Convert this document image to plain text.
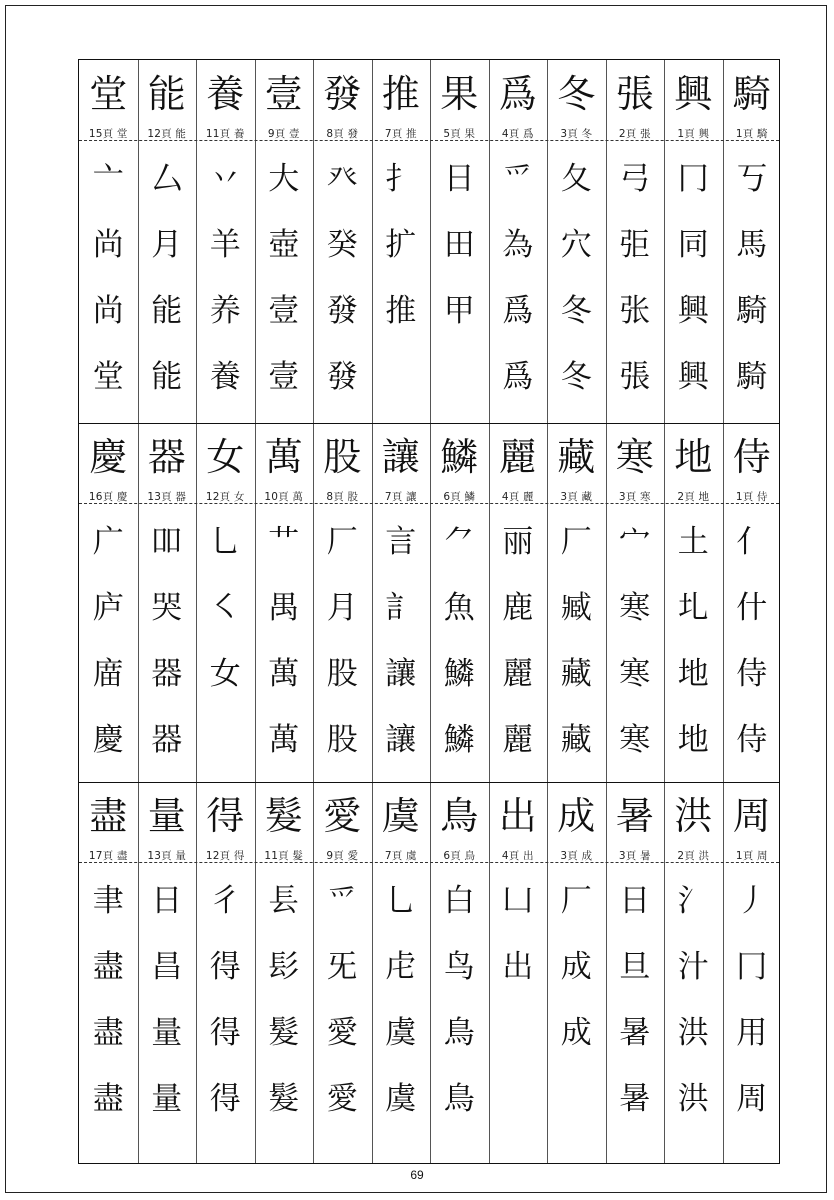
堂
15頁 堂
亠
尚
尚
堂
能
12頁 能
厶
月
能
能
養
11頁 養
丷
羊
养
養
壹
9頁 壹
大
壺
壹
壹
發
8頁 發
癶
癸
發
發
推
7頁 推
扌
扩
推
果
5頁 果
日
田
甲
爲
4頁 爲
爫
為
爲
爲
冬
3頁 冬
夂
穴
冬
冬
張
2頁 張
弓
弡
张
張
興
1頁 興
冂
同
興
興
騎
1頁 騎
丂
馬
騎
騎
慶
16頁 慶
广
庐
庿
慶
器
13頁 器
吅
哭
器
器
女
12頁 女
乚
㇛
女
萬
10頁 萬
艹
禺
萬
萬
股
8頁 股
厂
月
股
股
讓
7頁 讓
言
訁
讓
讓
鱗
6頁 鱗
⺈
魚
鱗
鱗
麗
4頁 麗
丽
鹿
麗
麗
藏
3頁 藏
厂
臧
藏
藏
寒
3頁 寒
宀
寒
寒
寒
地
2頁 地
土
圠
地
地
侍
1頁 侍
亻
什
侍
侍
盡
17頁 盡
聿
盡
盡
盡
量
13頁 量
日
昌
量
量
得
12頁 得
彳
得
得
得
髮
11頁 髮
镸
髟
髮
髮
愛
9頁 愛
爫
旡
愛
愛
虞
7頁 虞
乚
虍
虞
虞
鳥
6頁 鳥
白
鸟
鳥
鳥
出
4頁 出
凵
出
成
3頁 成
厂
成
成
暑
3頁 暑
日
旦
暑
暑
洪
2頁 洪
氵
汁
洪
洪
周
1頁 周
丿
冂
用
周
69
